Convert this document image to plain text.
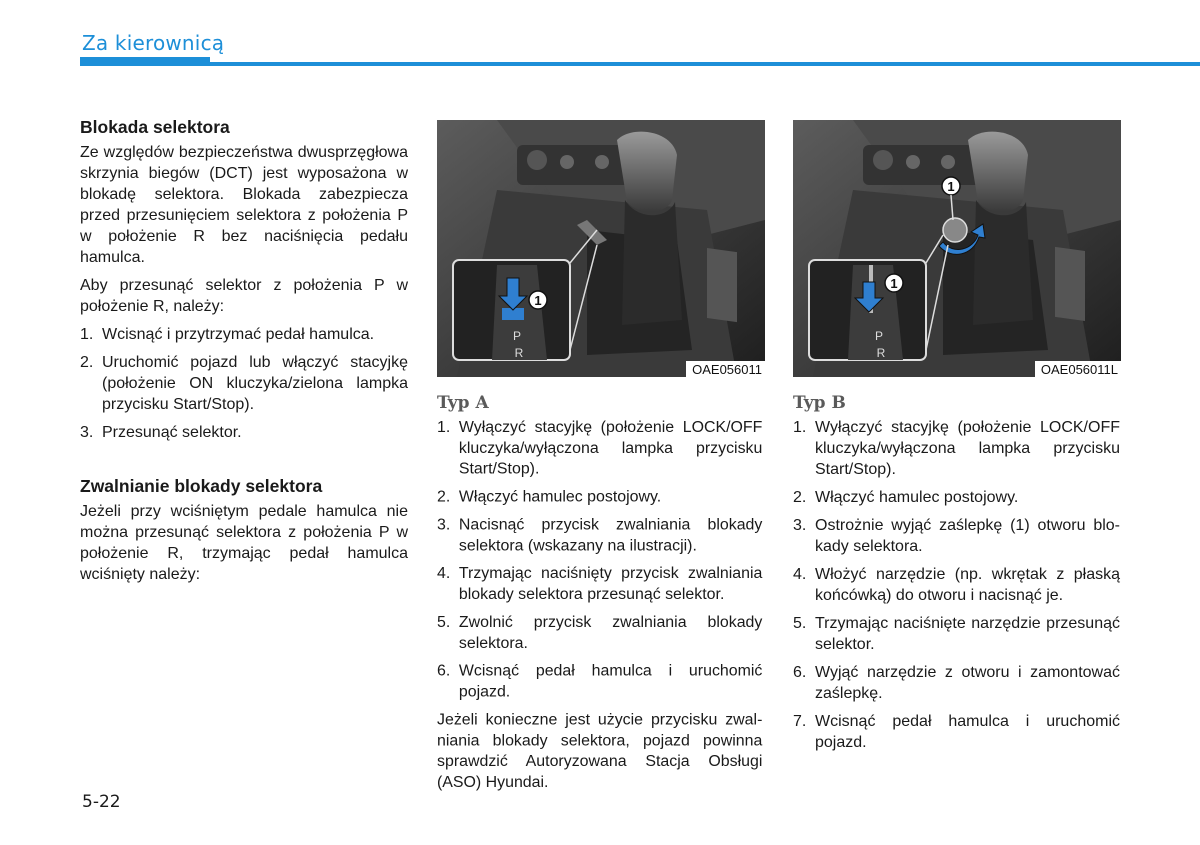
Za kierownicą
Blokada selektora

Ze względów bezpieczeństwa dwusprzęgłowa skrzynia biegów (DCT) jest wyposażona w blokadę selektora. Blokada zabezpiecza przed przesunięciem selektora z położenia P w położenie R bez naciśnięcia pedału hamulca.

Aby przesunąć selektor z położenia P w położenie R, należy:

1. Wcisnąć i przytrzymać pedał hamulca.
2. Uruchomić pojazd lub włączyć stacyjkę (położenie ON kluczyka/zielona lampka przycisku Start/Stop).
3. Przesunąć selektor.
Zwalnianie blokady selektora

Jeżeli przy wciśniętym pedale hamulca nie można przesunąć selektora z położenia P w położenie R, trzymając pedał hamulca wciśnięty należy:

1
P
R
OAE056011
1
1
P
R
OAE056011L
Typ A
1. Wyłączyć stacyjkę (położenie LOCK/OFF kluczyka/wyłączona lampka przycisku Start/Stop).
2. Włączyć hamulec postojowy.
3. Nacisnąć przycisk zwalniania blokady selektora (wskazany na ilustracji).
4. Trzymając naciśnięty przycisk zwalniania blokady selektora przesunąć selektor.
5. Zwolnić przycisk zwalniania blokady selektora.
6. Wcisnąć pedał hamulca i uruchomić pojazd.

Jeżeli konieczne jest użycie przycisku zwalniania blokady selektora, pojazd powinna sprawdzić Autoryzowana Stacja Obsługi (ASO) Hyundai.

Typ B
1. Wyłączyć stacyjkę (położenie LOCK/OFF kluczyka/wyłączona lampka przycisku Start/Stop).
2. Włączyć hamulec postojowy.
3. Ostrożnie wyjąć zaślepkę (1) otworu blokady selektora.
4. Włożyć narzędzie (np. wkrętak z płaską końcówką) do otworu i nacisnąć je.
5. Trzymając naciśnięte narzędzie przesunąć selektor.
6. Wyjąć narzędzie z otworu i zamontować zaślepkę.
7. Wcisnąć pedał hamulca i uruchomić pojazd.
5-22
